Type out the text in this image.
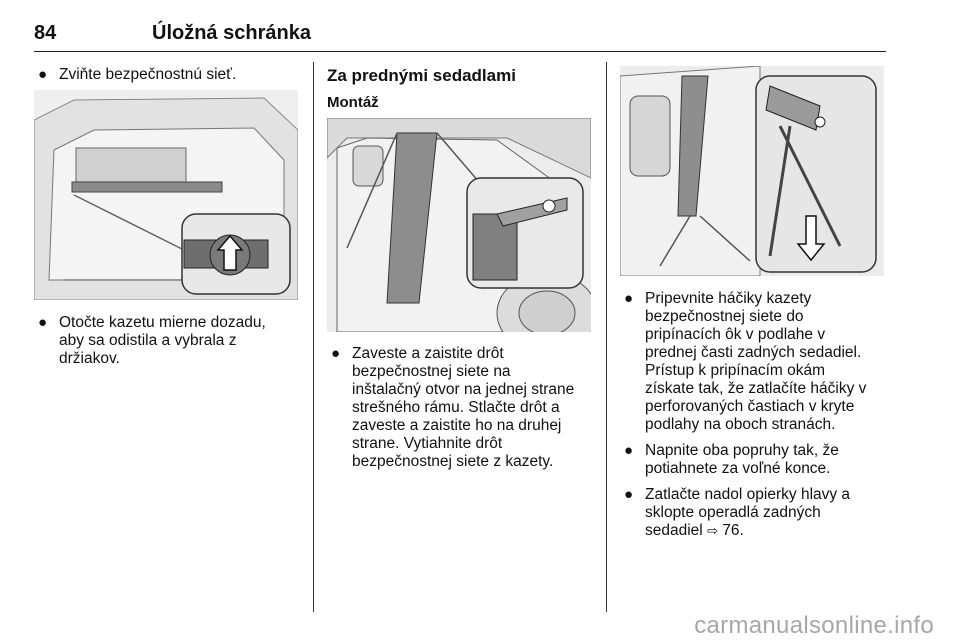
84	Úložná schránka
● Zviňte bezpečnostnú sieť.
● Otočte kazetu mierne dozadu,
aby sa odistila a vybrala z
držiakov.

Za prednými sedadlami

Montáž

● Zaveste a zaistite drôt
bezpečnostnej siete na
inštalačný otvor na jednej strane
strešného rámu. Stlačte drôt a
zaveste a zaistite ho na druhej
strane. Vytiahnite drôt
bezpečnostnej siete z kazety.
● Pripevnite háčiky kazety
bezpečnostnej siete do
pripínacích ôk v podlahe v
prednej časti zadných sedadiel.
Prístup k pripínacím okám
získate tak, že zatlačíte háčiky v
perforovaných častiach v kryte
podlahy na oboch stranách.
● Napnite oba popruhy tak, že
potiahnete za voľné konce.
● Zatlačte nadol opierky hlavy a
sklopte operadlá zadných
sedadiel ⇨ 76.
carmanualsonline.info
